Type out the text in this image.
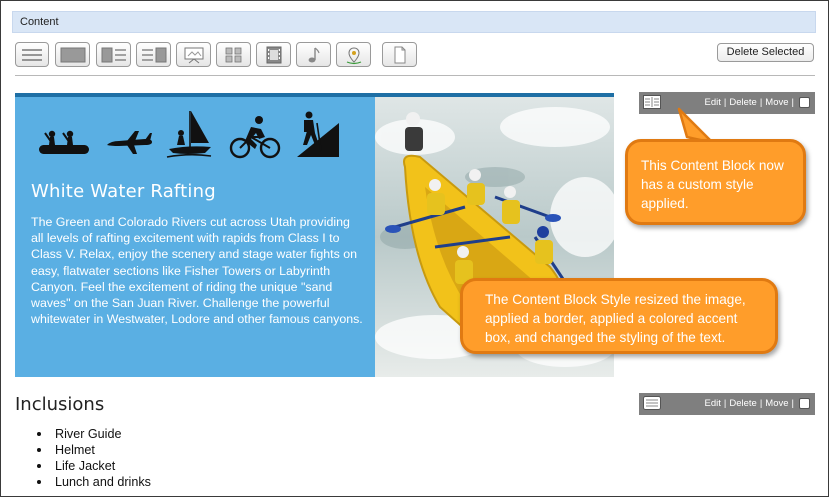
Content
Delete Selected
White Water Rafting
The Green and Colorado Rivers cut across Utah providing all levels of rafting excitement with rapids from Class I to Class V. Relax, enjoy the scenery and stage water fights on easy, flatwater sections like Fisher Towers or Labyrinth Canyon. Feel the excitement of riding the unique "sand waves" on the San Juan River. Challenge the powerful whitewater in Westwater, Lodore and other famous canyons.
Edit | Delete | Move |
This Content Block now has a custom style applied.
The Content Block Style resized the image, applied a border, applied a colored accent box, and changed the styling of the text.
Inclusions	Edit | Delete | Move |
River Guide
Helmet
Life Jacket
Lunch and drinks
